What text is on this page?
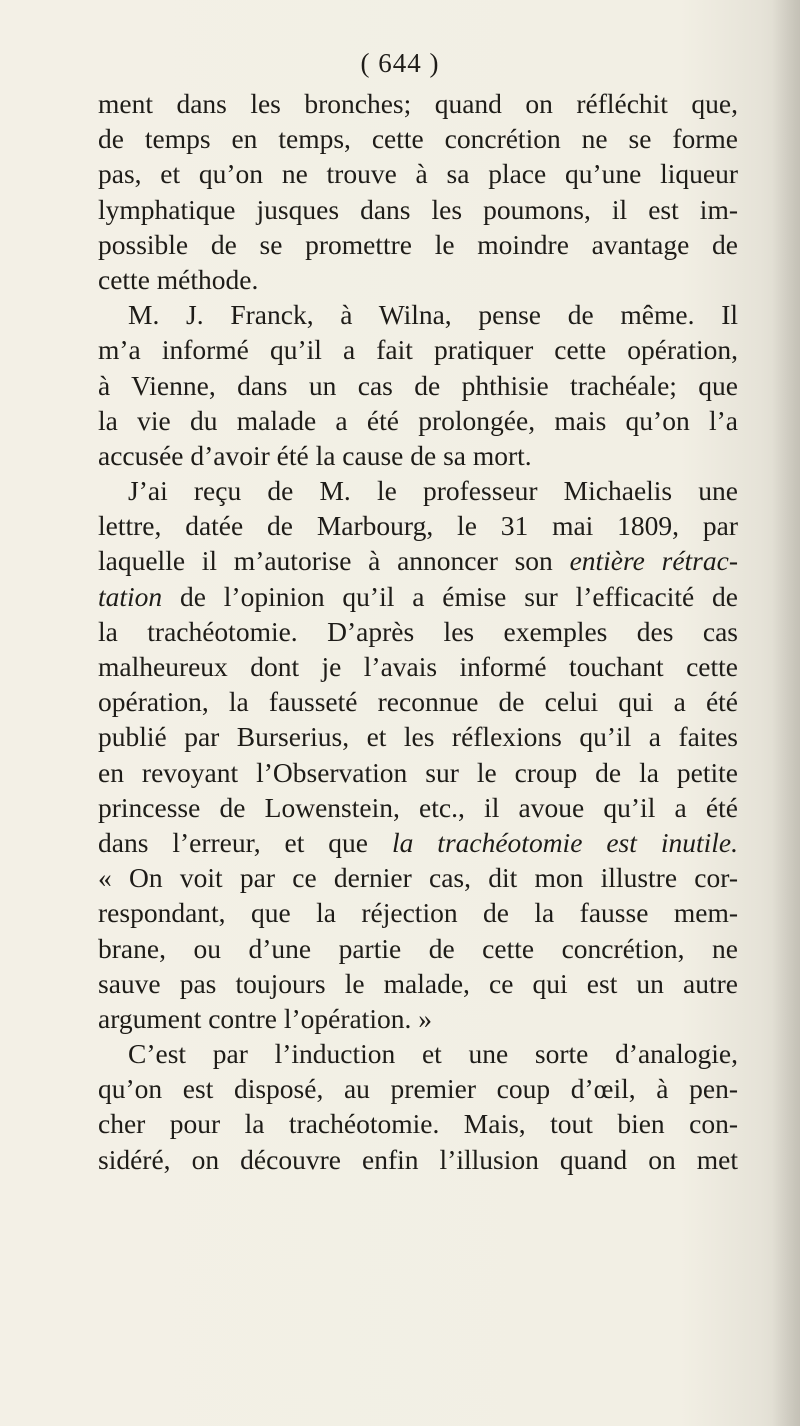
( 644 )
ment dans les bronches; quand on réfléchit que,
de temps en temps, cette concrétion ne se forme
pas, et qu’on ne trouve à sa place qu’une liqueur
lymphatique jusques dans les poumons, il est im-
possible de se promettre le moindre avantage de
cette méthode.
M. J. Franck, à Wilna, pense de même. Il
m’a informé qu’il a fait pratiquer cette opération,
à Vienne, dans un cas de phthisie trachéale; que
la vie du malade a été prolongée, mais qu’on l’a
accusée d’avoir été la cause de sa mort.
J’ai reçu de M. le professeur Michaelis une
lettre, datée de Marbourg, le 31 mai 1809, par
laquelle il m’autorise à annoncer son entière rétrac-
tation de l’opinion qu’il a émise sur l’efficacité de
la trachéotomie. D’après les exemples des cas
malheureux dont je l’avais informé touchant cette
opération, la fausseté reconnue de celui qui a été
publié par Burserius, et les réflexions qu’il a faites
en revoyant l’Observation sur le croup de la petite
princesse de Lowenstein, etc., il avoue qu’il a été
dans l’erreur, et que la trachéotomie est inutile.
« On voit par ce dernier cas, dit mon illustre cor-
respondant, que la réjection de la fausse mem-
brane, ou d’une partie de cette concrétion, ne
sauve pas toujours le malade, ce qui est un autre
argument contre l’opération. »
C’est par l’induction et une sorte d’analogie,
qu’on est disposé, au premier coup d’œil, à pen-
cher pour la trachéotomie. Mais, tout bien con-
sidéré, on découvre enfin l’illusion quand on met
